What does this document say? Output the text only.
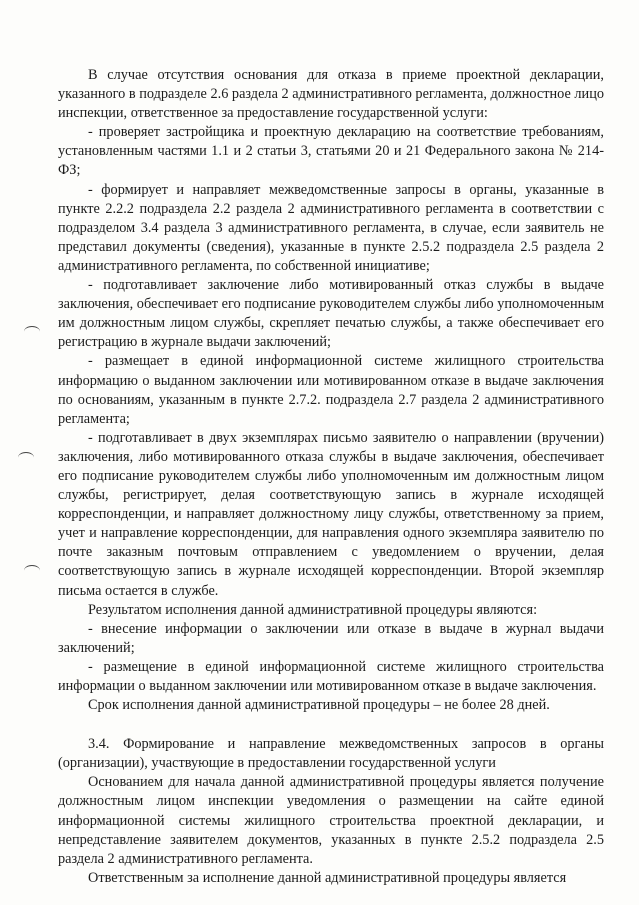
В случае отсутствия основания для отказа в приеме проектной декларации, указанного в подразделе 2.6 раздела 2 административного регламента, должностное лицо инспекции, ответственное за предоставление государственной услуги:

- проверяет застройщика и проектную декларацию на соответствие требованиям, установленным частями 1.1 и 2 статьи 3, статьями 20 и 21 Федерального закона № 214-ФЗ;

- формирует и направляет межведомственные запросы в органы, указанные в пункте 2.2.2 подраздела 2.2 раздела 2 административного регламента в соответствии с подразделом 3.4 раздела 3 административного регламента, в случае, если заявитель не представил документы (сведения), указанные в пункте 2.5.2 подраздела 2.5 раздела 2 административного регламента, по собственной инициативе;

- подготавливает заключение либо мотивированный отказ службы в выдаче заключения, обеспечивает его подписание руководителем службы либо уполномоченным им должностным лицом службы, скрепляет печатью службы, а также обеспечивает его регистрацию в журнале выдачи заключений;

- размещает в единой информационной системе жилищного строительства информацию о выданном заключении или мотивированном отказе в выдаче заключения по основаниям, указанным в пункте 2.7.2. подраздела 2.7 раздела 2 административного регламента;

- подготавливает в двух экземплярах письмо заявителю о направлении (вручении) заключения, либо мотивированного отказа службы в выдаче заключения, обеспечивает его подписание руководителем службы либо уполномоченным им должностным лицом службы, регистрирует, делая соответствующую запись в журнале исходящей корреспонденции, и направляет должностному лицу службы, ответственному за прием, учет и направление корреспонденции, для направления одного экземпляра заявителю по почте заказным почтовым отправлением с уведомлением о вручении, делая соответствующую запись в журнале исходящей корреспонденции. Второй экземпляр письма остается в службе.

Результатом исполнения данной административной процедуры являются:

- внесение информации о заключении или отказе в выдаче в журнал выдачи заключений;

- размещение в единой информационной системе жилищного строительства информации о выданном заключении или мотивированном отказе в выдаче заключения.

Срок исполнения данной административной процедуры – не более 28 дней.

3.4. Формирование и направление межведомственных запросов в органы (организации), участвующие в предоставлении государственной услуги

Основанием для начала данной административной процедуры является получение должностным лицом инспекции уведомления о размещении на сайте единой информационной системы жилищного строительства проектной декларации, и непредставление заявителем документов, указанных в пункте 2.5.2 подраздела 2.5 раздела 2 административного регламента.

Ответственным за исполнение данной административной процедуры является
